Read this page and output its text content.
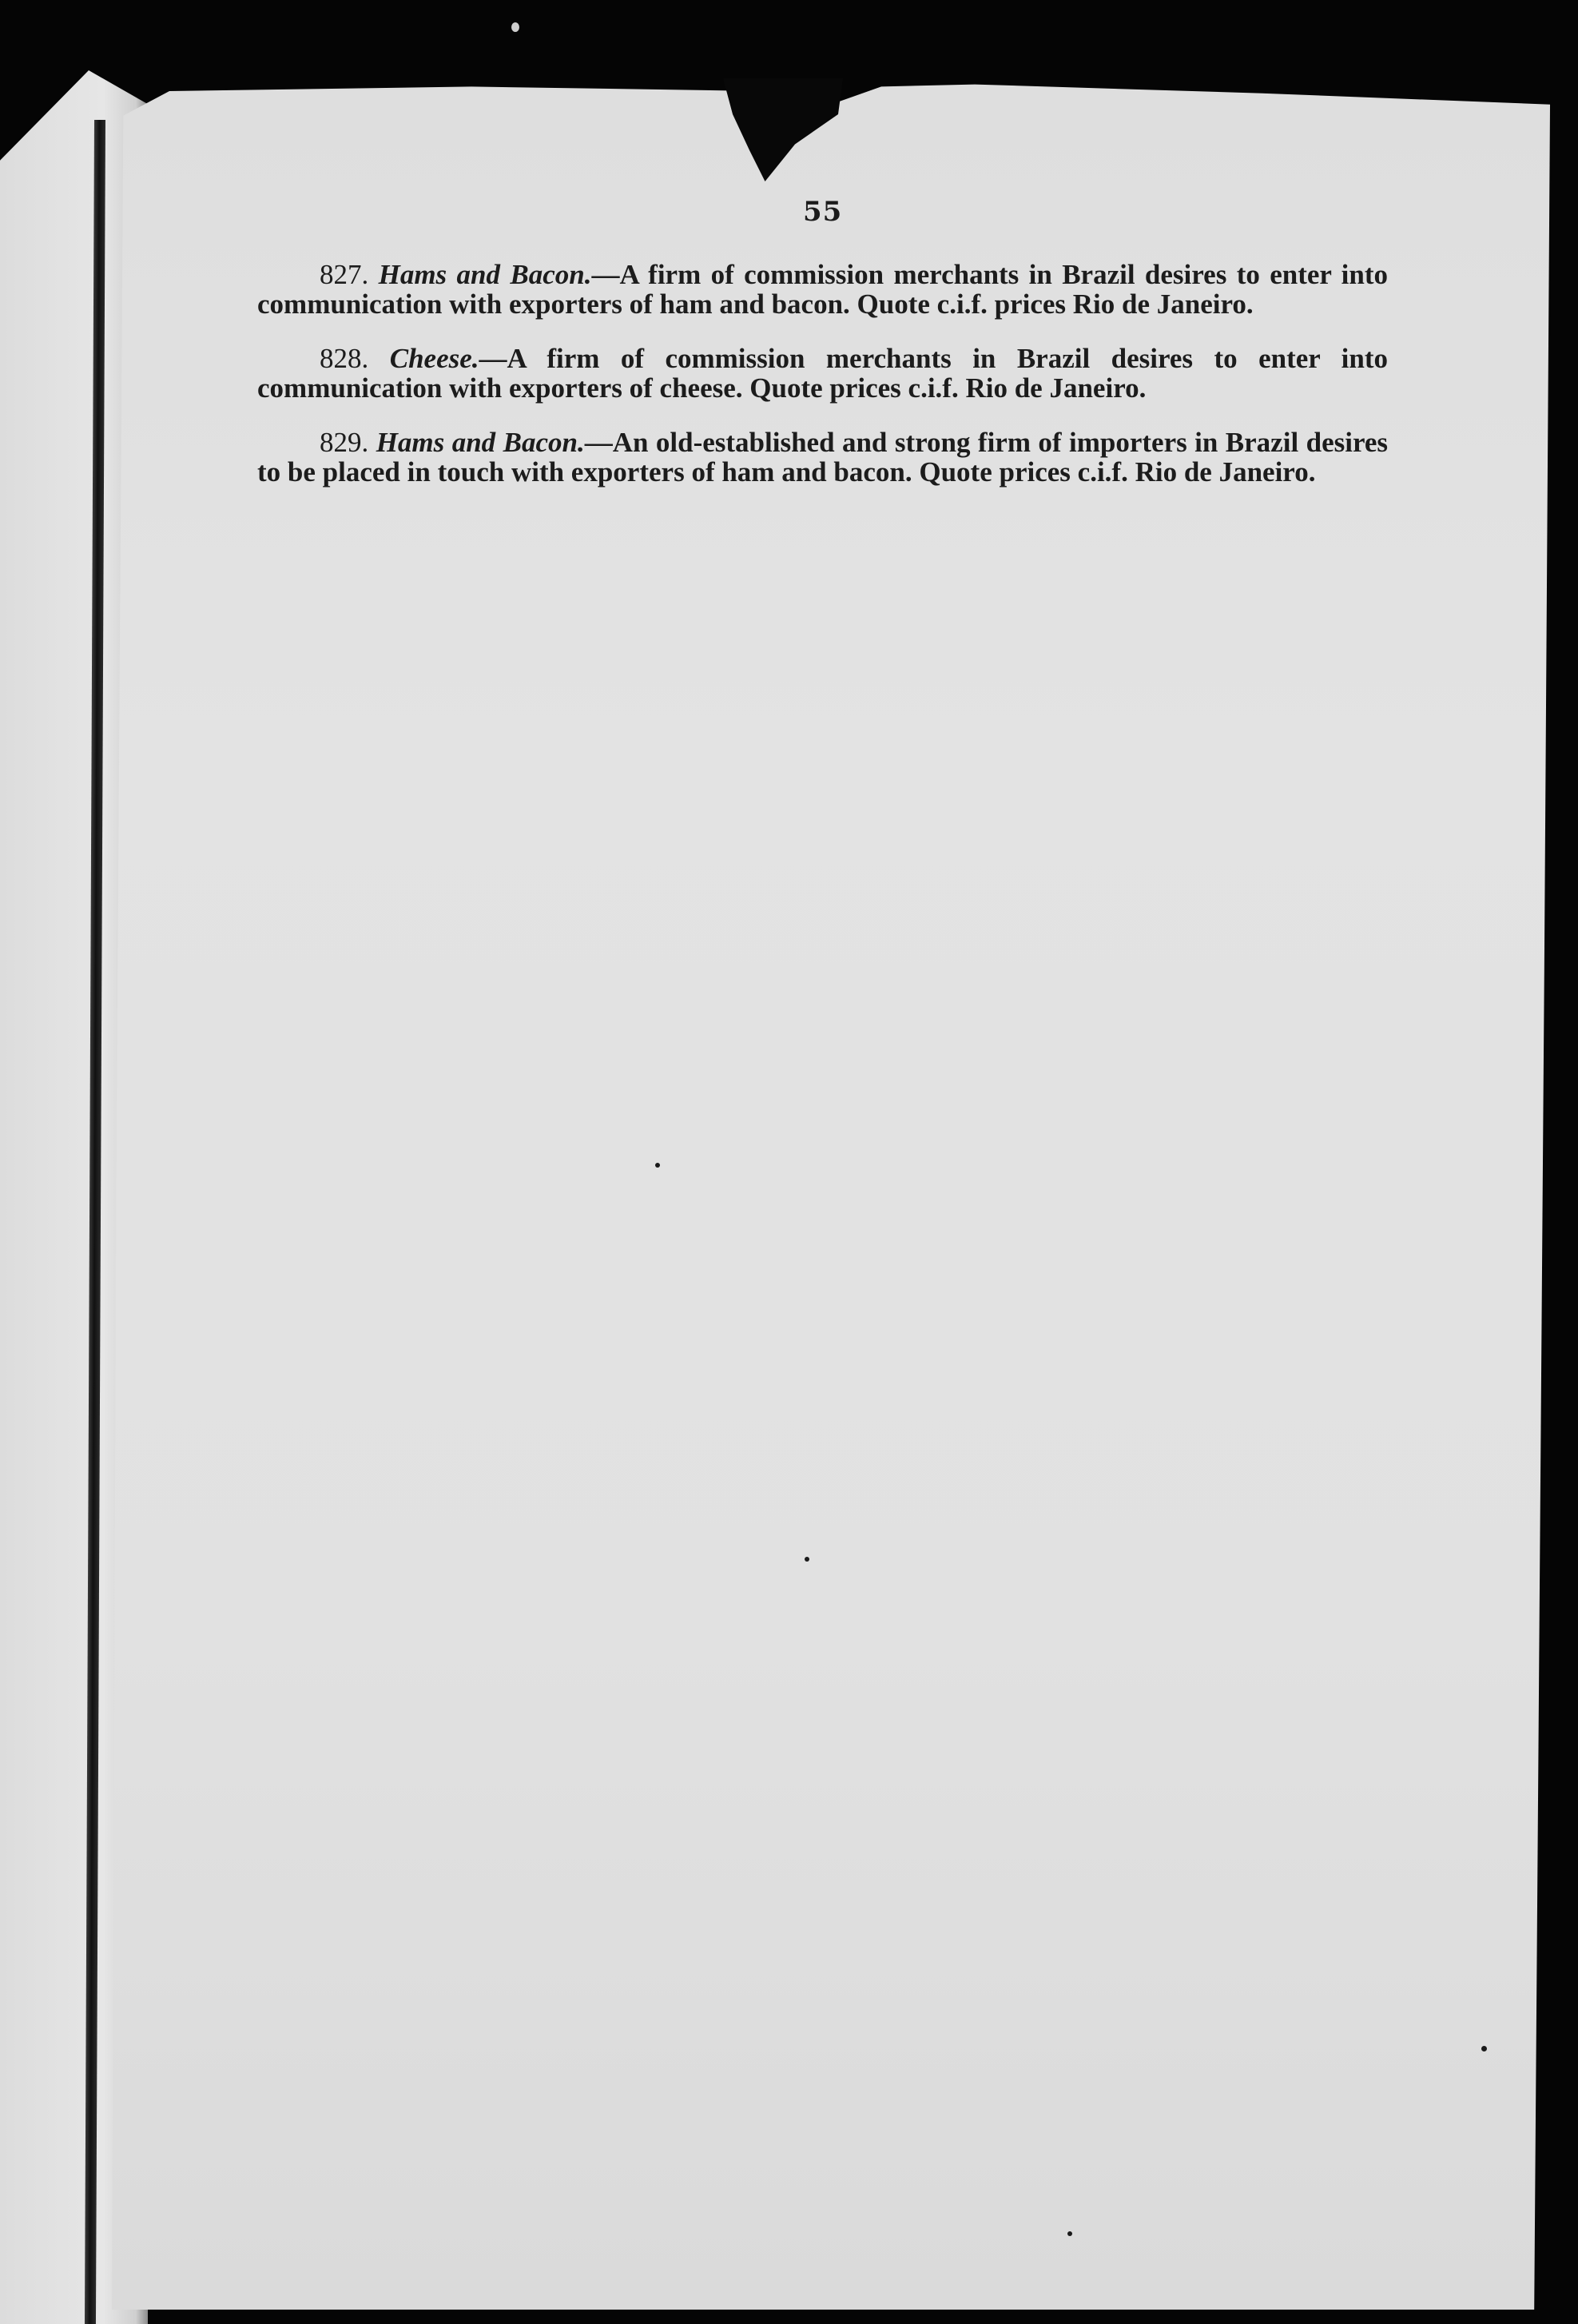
55

827. Hams and Bacon.—A firm of commission merchants in Brazil desires to enter into communication with exporters of ham and bacon. Quote c.i.f. prices Rio de Janeiro.

828. Cheese.—A firm of commission merchants in Brazil desires to enter into communication with exporters of cheese. Quote prices c.i.f. Rio de Janeiro.

829. Hams and Bacon.—An old-established and strong firm of importers in Brazil desires to be placed in touch with exporters of ham and bacon. Quote prices c.i.f. Rio de Janeiro.
